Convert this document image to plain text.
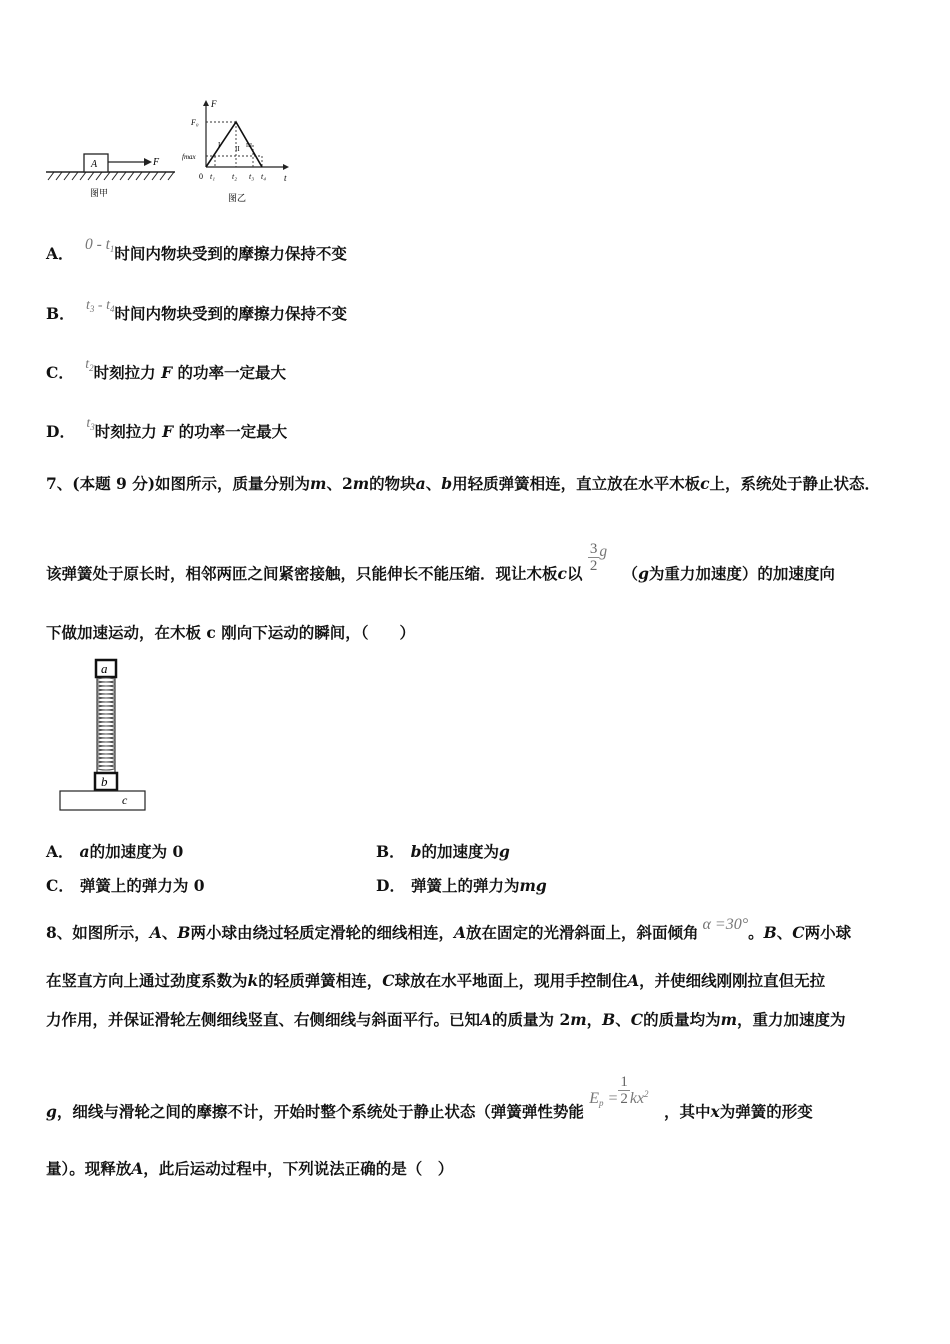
A	F
图甲
F
t
F₀
fmax
0
I II III
t₁ t₂ t₃ t₄
图乙
A． $0 - t_1$时间内物块受到的摩擦力保持不变
B． $t_3 - t_4$时间内物块受到的摩擦力保持不变
C． $t_2$时刻拉力 F 的功率一定最大
D． $t_3$时刻拉力 F 的功率一定最大
7、(本题 9 分)如图所示，质量分别为m、2m的物块a、b用轻质弹簧相连，直立放在水平木板c上，系统处于静止状态．
该弹簧处于原长时，相邻两匝之间紧密接触，只能伸长不能压缩．现让木板c以 $\frac{3}{2}$ g （g为重力加速度）的加速度向
下做加速运动，在木板 c 刚向下运动的瞬间，（　　）
a
b
c
A． a的加速度为 0	B． b的加速度为g
C． 弹簧上的弹力为 0	D． 弹簧上的弹力为mg
8、如图所示，A、B两小球由绕过轻质定滑轮的细线相连，A放在固定的光滑斜面上，斜面倾角 α =30°。B、C两小球
在竖直方向上通过劲度系数为k的轻质弹簧相连，C球放在水平地面上，现用手控制住A，并使细线刚刚拉直但无拉
力作用，并保证滑轮左侧细线竖直、右侧细线与斜面平行。已知A的质量为 2m，B、C的质量均为m，重力加速度为
g，细线与滑轮之间的摩擦不计，开始时整个系统处于静止状态（弹簧弹性势能 $E_p = \frac{1}{2} kx^2$ ，其中x为弹簧的形变
量）。现释放A，此后运动过程中，下列说法正确的是（　）
